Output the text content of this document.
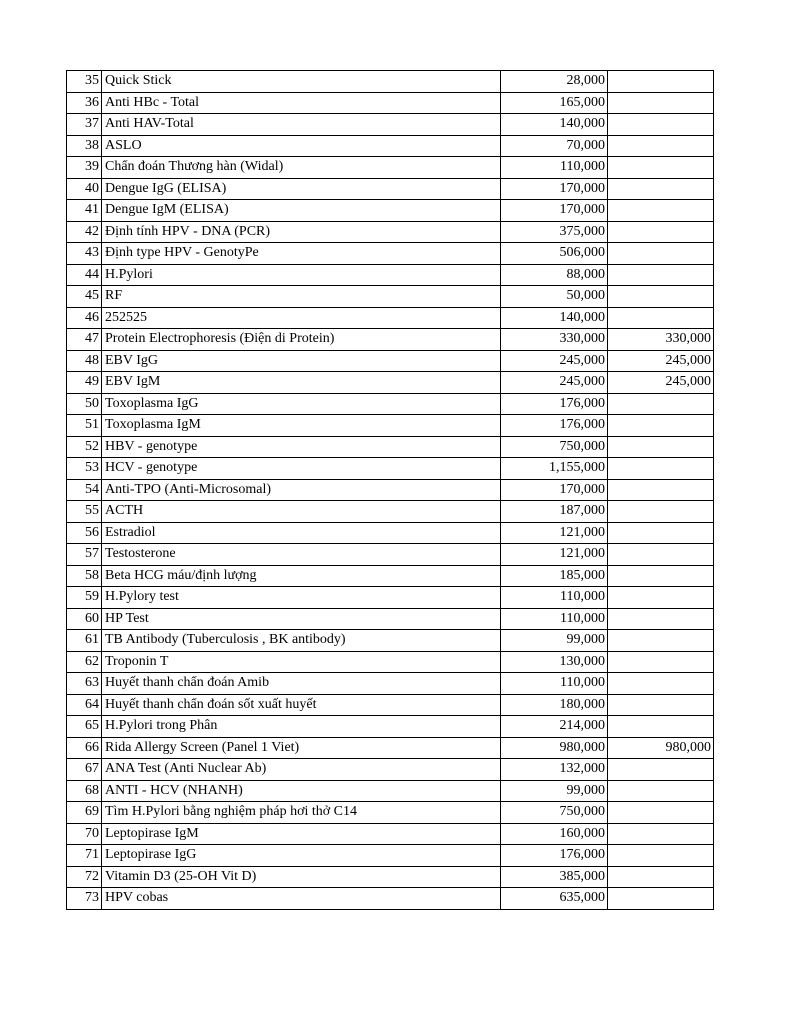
35	Quick Stick	28,000	
36	Anti HBc - Total	165,000	
37	Anti HAV-Total	140,000	
38	ASLO	70,000	
39	Chẩn đoán Thương hàn (Widal)	110,000	
40	Dengue IgG (ELISA)	170,000	
41	Dengue IgM (ELISA)	170,000	
42	Định tính HPV - DNA (PCR)	375,000	
43	Định type HPV - GenotyPe	506,000	
44	H.Pylori	88,000	
45	RF	50,000	
46	252525	140,000	
47	Protein Electrophoresis (Điện di Protein)	330,000	330,000
48	EBV IgG	245,000	245,000
49	EBV IgM	245,000	245,000
50	Toxoplasma IgG	176,000	
51	Toxoplasma IgM	176,000	
52	HBV - genotype	750,000	
53	HCV - genotype	1,155,000	
54	Anti-TPO (Anti-Microsomal)	170,000	
55	ACTH	187,000	
56	Estradiol	121,000	
57	Testosterone	121,000	
58	Beta HCG máu/định lượng	185,000	
59	H.Pylory test	110,000	
60	HP Test	110,000	
61	TB Antibody (Tuberculosis , BK antibody)	99,000	
62	Troponin T	130,000	
63	Huyết thanh chẩn đoán Amib	110,000	
64	Huyết thanh chẩn đoán sốt xuất huyết	180,000	
65	H.Pylori trong Phân	214,000	
66	Rida Allergy Screen (Panel 1 Viet)	980,000	980,000
67	ANA Test (Anti Nuclear Ab)	132,000	
68	ANTI - HCV (NHANH)	99,000	
69	Tìm H.Pylori bằng nghiệm pháp hơi thở C14	750,000	
70	Leptopirase IgM	160,000	
71	Leptopirase IgG	176,000	
72	Vitamin D3 (25-OH Vit D)	385,000	
73	HPV cobas	635,000	
